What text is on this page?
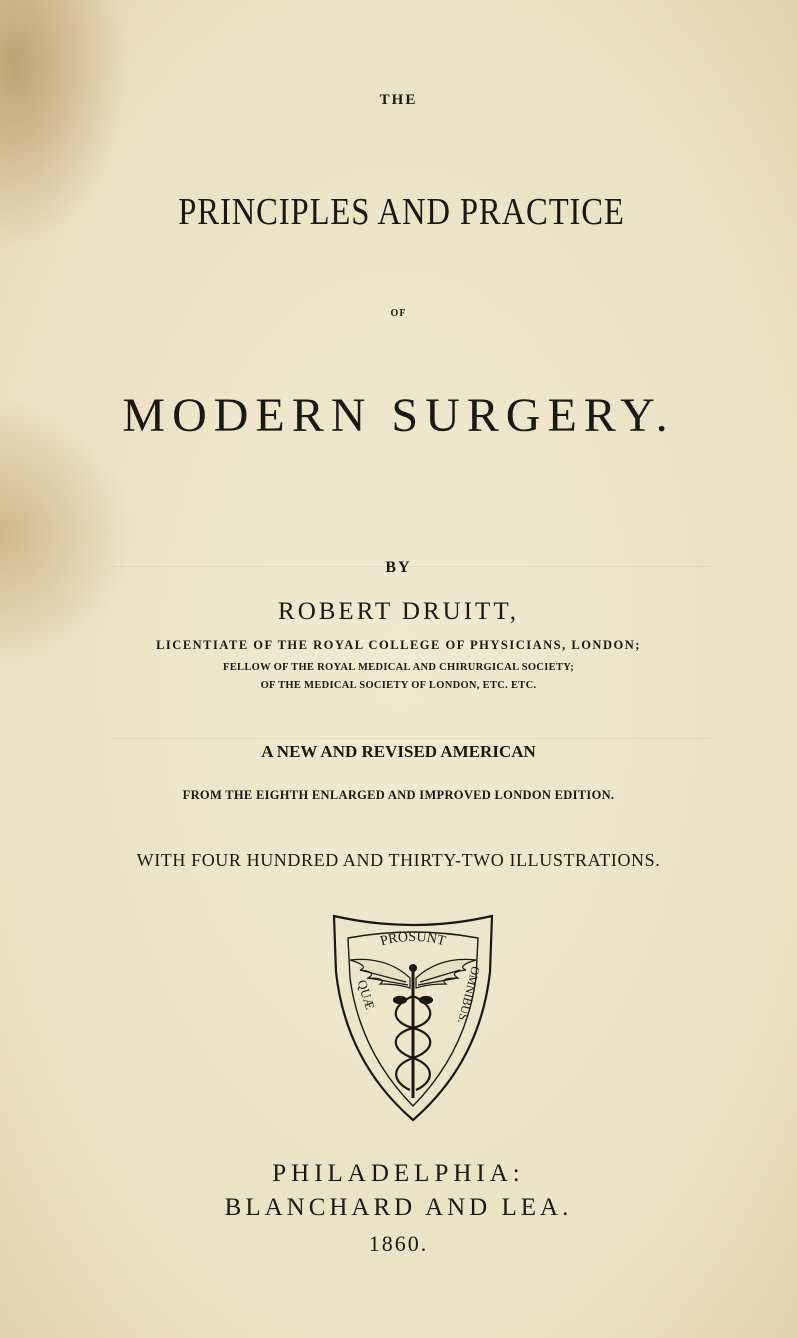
THE
PRINCIPLES AND PRACTICE
OF
MODERN SURGERY.
BY
ROBERT DRUITT,
LICENTIATE OF THE ROYAL COLLEGE OF PHYSICIANS, LONDON;
FELLOW OF THE ROYAL MEDICAL AND CHIRURGICAL SOCIETY;
OF THE MEDICAL SOCIETY OF LONDON, ETC. ETC.
A NEW AND REVISED AMERICAN
FROM THE EIGHTH ENLARGED AND IMPROVED LONDON EDITION.
WITH FOUR HUNDRED AND THIRTY-TWO ILLUSTRATIONS.
PROSUNT
QUÆ
OMNIBUS.
PHILADELPHIA:
BLANCHARD AND LEA.
1860.
